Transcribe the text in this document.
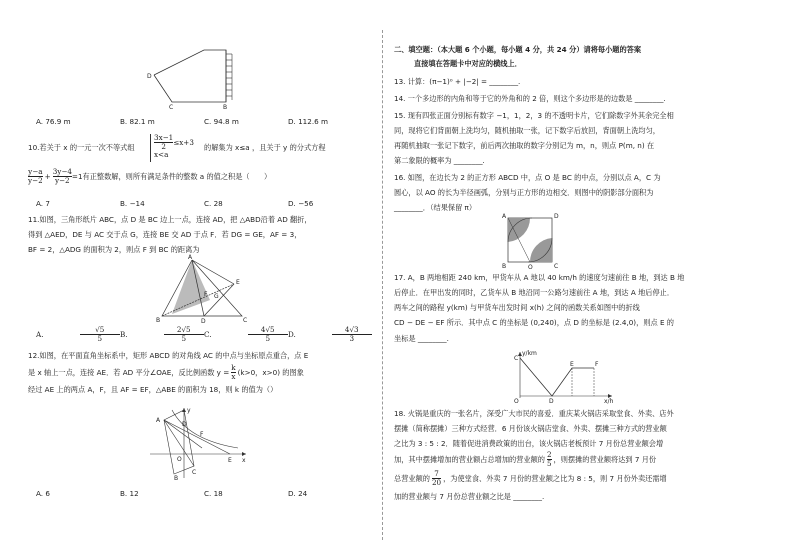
D
C	B
A. 76.9 m	B. 82.1 m	C. 94.8 m	D. 112.6 m
10.若关于 x 的一元一次不等式组	$\frac{3x-1}{2} \le x+3$
x<a
的解集为 x≤a ，且关于 y 的分式方程
$\frac{y-a}{y-2} + \frac{3y-4}{y-2} =1$有正整数解，则所有满足条件的整数 a 的值之积是（　　）
A. 7	B. −14	C. 28	D. −56
11.如图，三角形纸片 ABC，点 D 是 BC 边上一点，连接 AD，把 △ABD沿着 AD 翻折，
得到 △AED，DE 与 AC 交于点 G，连接 BE 交 AD 于点 F．若 DG = GE，AF = 3，
BF = 2，△ADG 的面积为 2，则点 F 到 BC 的距离为
A
B	C
D
E
F G
A.
√5
5	B.
2√5
5	C.
4√5
5	D.
4√3
3
12.如图，在平面直角坐标系中，矩形 ABCD 的对角线 AC 的中点与坐标原点重合，点 E
是 x 轴上一点，连接 AE．若 AD 平分∠OAE，反比例函数 $y = \frac{k}{x} (k>0$，x>0) 的图象
经过 AE 上的两点 A，F，且 AF = EF，△ABE 的面积为 18，则 k 的值为（）
y
x
O
A
B
C
D
E
F
A. 6	B. 12	C. 18	D. 24
二、填空题：（本大题 6 个小题，每小题 4 分，共 24 分）请将每小题的答案
直接填在答题卡中对应的横线上．
13. 计算：(π−1)⁰ + |−2| = ________.
14. 一个多边形的内角和等于它的外角和的 2 倍，则这个多边形是的边数是 ________.
15. 现有四张正面分别标有数字 −1，1，2，3 的不透明卡片，它们除数字外其余完全相
同，现将它们背面朝上洗均匀，随机抽取一张，记下数字后放回，背面朝上洗均匀，
再随机抽取一张记下数字，前后两次抽取的数字分别记为 m，n，则点 P(m, n) 在
第二象限的概率为 ________.
16. 如图，在边长为 2 的正方形 ABCD 中，点 O 是 BC 的中点，分别以点 A，C 为
圆心，以 AO 的长为半径画弧，分别与正方形的边相交．则图中的阴影部分面积为
________．（结果保留 π）
A	D
B	C
O
17. A，B 两地相距 240 km，甲货车从 A 地以 40 km/h 的速度匀速前往 B 地，到达 B 地
后停止．在甲出发的同时，乙货车从 B 地沿同一公路匀速前往 A 地，到达 A 地后停止．
两车之间的路程 y(km) 与甲货车出发时间 x(h) 之间的函数关系如图中的折线
CD − DE − EF 所示．其中点 C 的坐标是 (0,240)，点 D 的坐标是 (2.4,0)，则点 E 的
坐标是 ________.
y/km
x/h
O
C
D
E	F
18. 火锅是重庆的一张名片，深受广大市民的喜爱．重庆某火锅店采取堂食、外卖、店外
摆摊（简称摆摊）三种方式经营．6 月份该火锅店堂食、外卖、摆摊三种方式的营业额
之比为 3 : 5 : 2．随着促进消费政策的出台，该火锅店老板预计 7 月份总营业额会增
加，其中摆摊增加的营业额占总增加的营业额的
2
5 ，则摆摊的营业额将达到 7 月份
总营业额的
7
20 ，为使堂食、外卖 7 月份的营业额之比为 8 : 5，则 7 月份外卖还需增
加的营业额与 7 月份总营业额之比是 ________.
